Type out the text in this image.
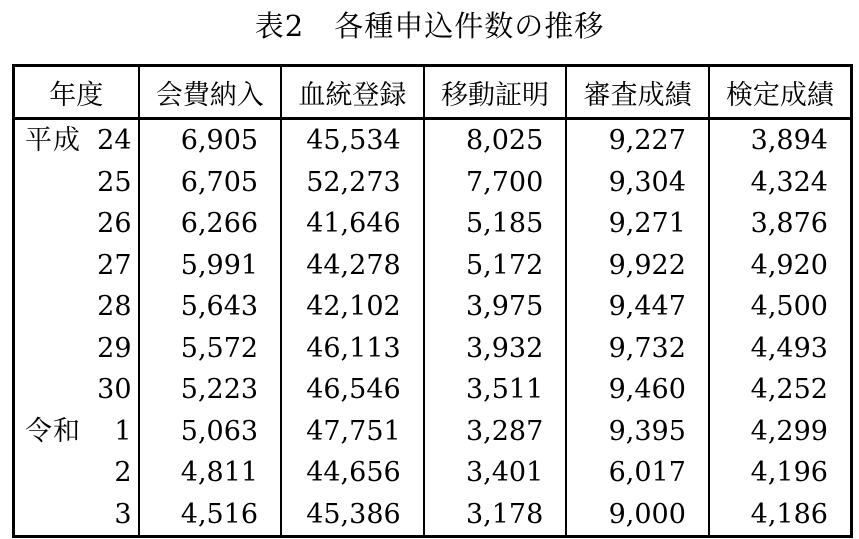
表2　各種申込件数の推移
年度	会費納入	血統登録	移動証明	審査成績	検定成績

平成 24	6,905	45,534	8,025	9,227	3,894

25	6,705	52,273	7,700	9,304	4,324

26	6,266	41,646	5,185	9,271	3,876

27	5,991	44,278	5,172	9,922	4,920

28	5,643	42,102	3,975	9,447	4,500

29	5,572	46,113	3,932	9,732	4,493

30	5,223	46,546	3,511	9,460	4,252

令和 1	5,063	47,751	3,287	9,395	4,299

2	4,811	44,656	3,401	6,017	4,196

3	4,516	45,386	3,178	9,000	4,186
